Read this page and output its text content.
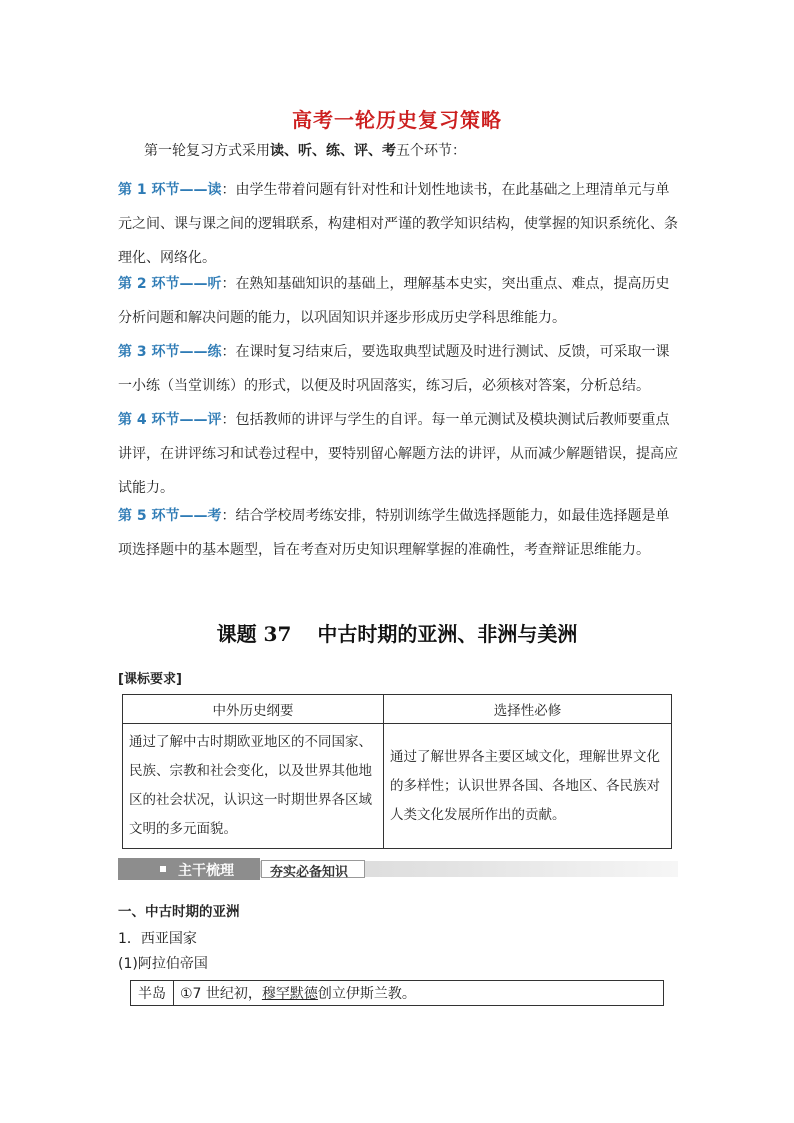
高考一轮历史复习策略
第一轮复习方式采用读、听、练、评、考五个环节：
第 1 环节——读：由学生带着问题有针对性和计划性地读书，在此基础之上理清单元与单元之间、课与课之间的逻辑联系，构建相对严谨的教学知识结构，使掌握的知识系统化、条理化、网络化。
第 2 环节——听：在熟知基础知识的基础上，理解基本史实，突出重点、难点，提高历史分析问题和解决问题的能力，以巩固知识并逐步形成历史学科思维能力。
第 3 环节——练：在课时复习结束后，要选取典型试题及时进行测试、反馈，可采取一课一小练（当堂训练）的形式，以便及时巩固落实，练习后，必须核对答案，分析总结。
第 4 环节——评：包括教师的讲评与学生的自评。每一单元测试及模块测试后教师要重点讲评，在讲评练习和试卷过程中，要特别留心解题方法的讲评，从而减少解题错误，提高应试能力。
第 5 环节——考：结合学校周考练安排，特别训练学生做选择题能力，如最佳选择题是单项选择题中的基本题型，旨在考查对历史知识理解掌握的准确性，考查辩证思维能力。
课题 37 中古时期的亚洲、非洲与美洲
[课标要求]
中外历史纲要	选择性必修
通过了解中古时期欧亚地区的不同国家、民族、宗教和社会变化，以及世界其他地区的社会状况，认识这一时期世界各区域文明的多元面貌。	通过了解世界各主要区域文化，理解世界文化的多样性；认识世界各国、各地区、各民族对人类文化发展所作出的贡献。
主干梳理	夯实必备知识
一、中古时期的亚洲
1．西亚国家
(1)阿拉伯帝国
半岛	①7 世纪初，穆罕默德创立伊斯兰教。
